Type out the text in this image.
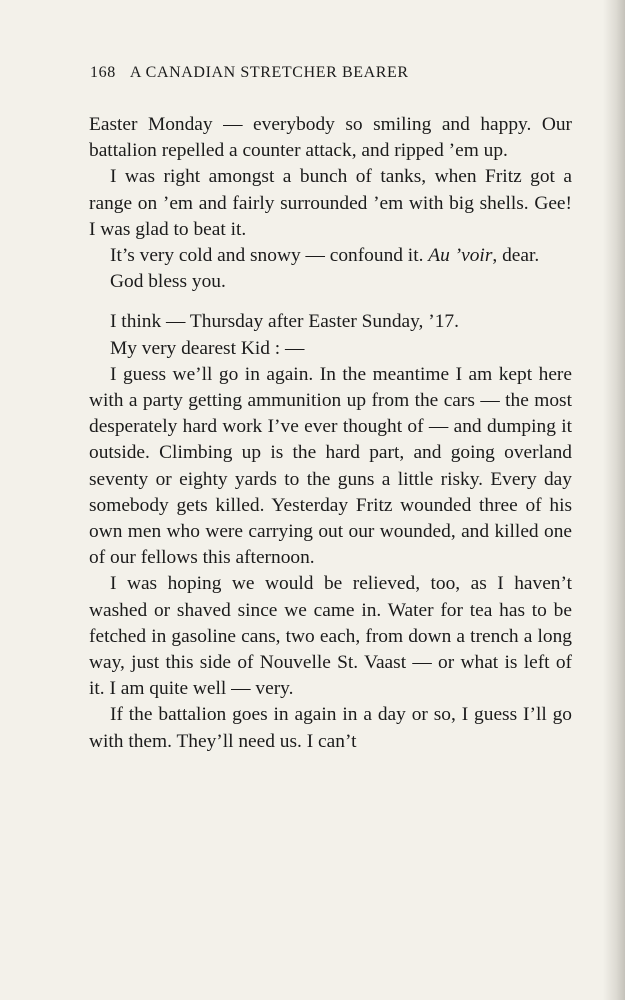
168 A CANADIAN STRETCHER BEARER

Easter Monday — everybody so smiling and happy. Our battalion repelled a counter attack, and ripped ’em up.

I was right amongst a bunch of tanks, when Fritz got a range on ’em and fairly surrounded ’em with big shells. Gee! I was glad to beat it.

It’s very cold and snowy — confound it. Au ’voir, dear.

God bless you.

I think — Thursday after Easter Sunday, ’17.

My very dearest Kid : —

I guess we’ll go in again. In the meantime I am kept here with a party getting ammunition up from the cars — the most desperately hard work I’ve ever thought of — and dumping it outside. Climbing up is the hard part, and going overland seventy or eighty yards to the guns a little risky. Every day somebody gets killed. Yesterday Fritz wounded three of his own men who were carrying out our wounded, and killed one of our fellows this afternoon.

I was hoping we would be relieved, too, as I haven’t washed or shaved since we came in. Water for tea has to be fetched in gasoline cans, two each, from down a trench a long way, just this side of Nouvelle St. Vaast — or what is left of it. I am quite well — very.

If the battalion goes in again in a day or so, I guess I’ll go with them. They’ll need us. I can’t
